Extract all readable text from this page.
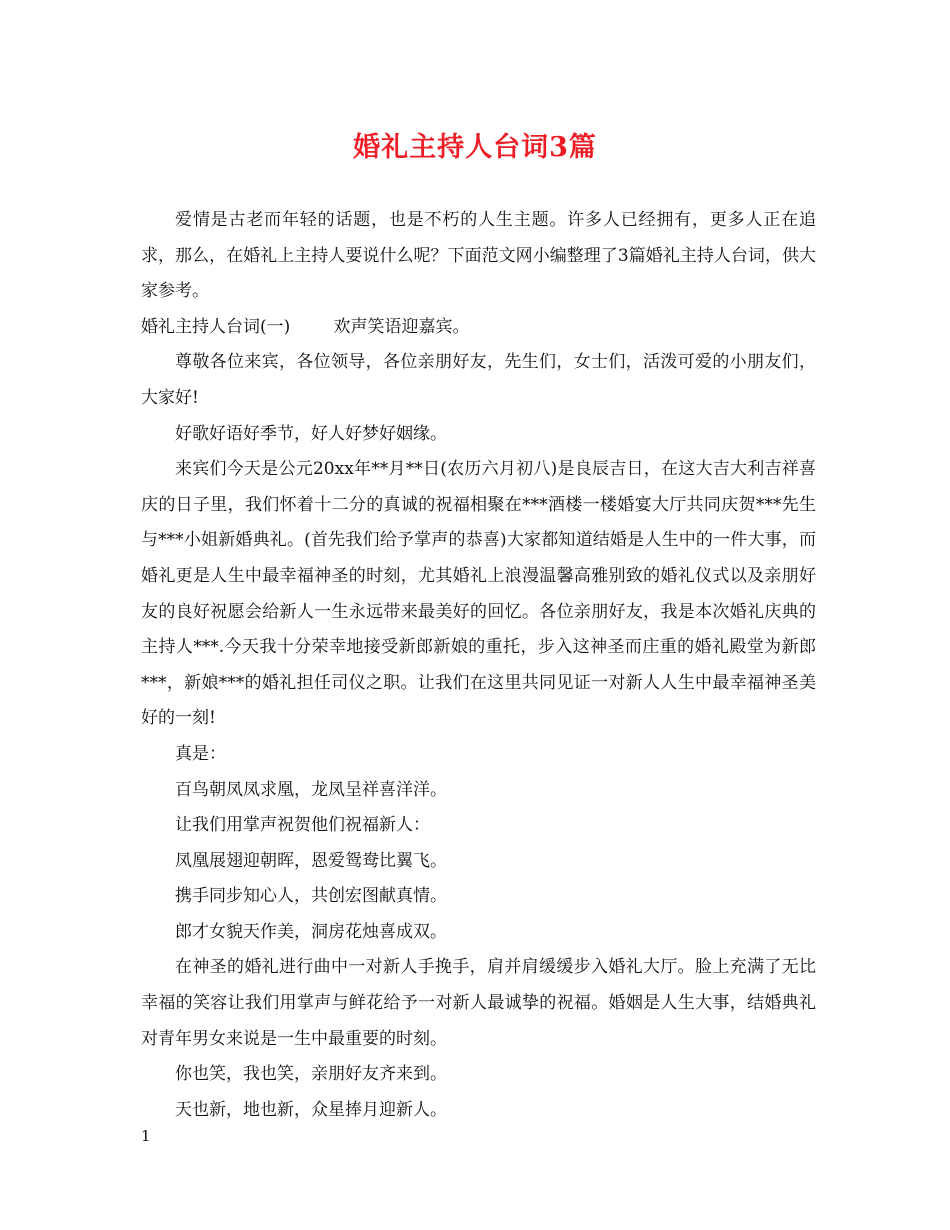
婚礼主持人台词3篇

爱情是古老而年轻的话题，也是不朽的人生主题。许多人已经拥有，更多人正在追求，那么，在婚礼上主持人要说什么呢？下面范文网小编整理了3篇婚礼主持人台词，供大家参考。

婚礼主持人台词(一)	欢声笑语迎嘉宾。

尊敬各位来宾，各位领导，各位亲朋好友，先生们，女士们，活泼可爱的小朋友们，大家好!

好歌好语好季节，好人好梦好姻缘。

来宾们今天是公元20xx年**月**日(农历六月初八)是良辰吉日，在这大吉大利吉祥喜庆的日子里，我们怀着十二分的真诚的祝福相聚在***酒楼一楼婚宴大厅共同庆贺***先生与***小姐新婚典礼。(首先我们给予掌声的恭喜)大家都知道结婚是人生中的一件大事，而婚礼更是人生中最幸福神圣的时刻，尤其婚礼上浪漫温馨高雅别致的婚礼仪式以及亲朋好友的良好祝愿会给新人一生永远带来最美好的回忆。各位亲朋好友，我是本次婚礼庆典的主持人***.今天我十分荣幸地接受新郎新娘的重托，步入这神圣而庄重的婚礼殿堂为新郎***，新娘***的婚礼担任司仪之职。让我们在这里共同见证一对新人人生中最幸福神圣美好的一刻!

真是：

百鸟朝凤凤求凰，龙凤呈祥喜洋洋。

让我们用掌声祝贺他们祝福新人：

凤凰展翅迎朝晖，恩爱鸳鸯比翼飞。

携手同步知心人，共创宏图献真情。

郎才女貌天作美，洞房花烛喜成双。

在神圣的婚礼进行曲中一对新人手挽手，肩并肩缓缓步入婚礼大厅。脸上充满了无比幸福的笑容让我们用掌声与鲜花给予一对新人最诚挚的祝福。婚姻是人生大事，结婚典礼对青年男女来说是一生中最重要的时刻。

你也笑，我也笑，亲朋好友齐来到。

天也新，地也新，众星捧月迎新人。

1
